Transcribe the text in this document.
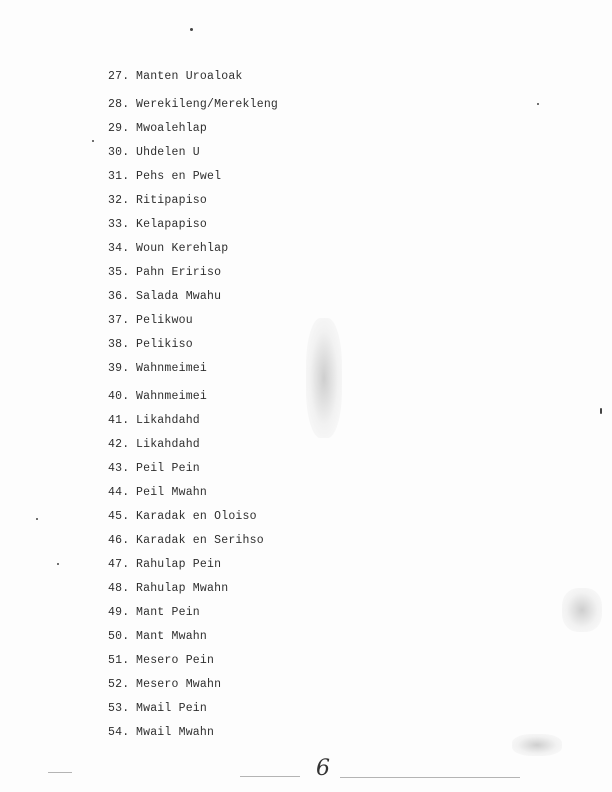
27. Manten Uroaloak
28. Werekileng/Merekleng
29. Mwoalehlap
30. Uhdelen U
31. Pehs en Pwel
32. Ritipapiso
33. Kelapapiso
34. Woun Kerehlap
35. Pahn Eririso
36. Salada Mwahu
37. Pelikwou
38. Pelikiso
39. Wahnmeimei
40. Wahnmeimei
41. Likahdahd
42. Likahdahd
43. Peil Pein
44. Peil Mwahn
45. Karadak en Oloiso
46. Karadak en Serihso
47. Rahulap Pein
48. Rahulap Mwahn
49. Mant Pein
50. Mant Mwahn
51. Mesero Pein
52. Mesero Mwahn
53. Mwail Pein
54. Mwail Mwahn
6
